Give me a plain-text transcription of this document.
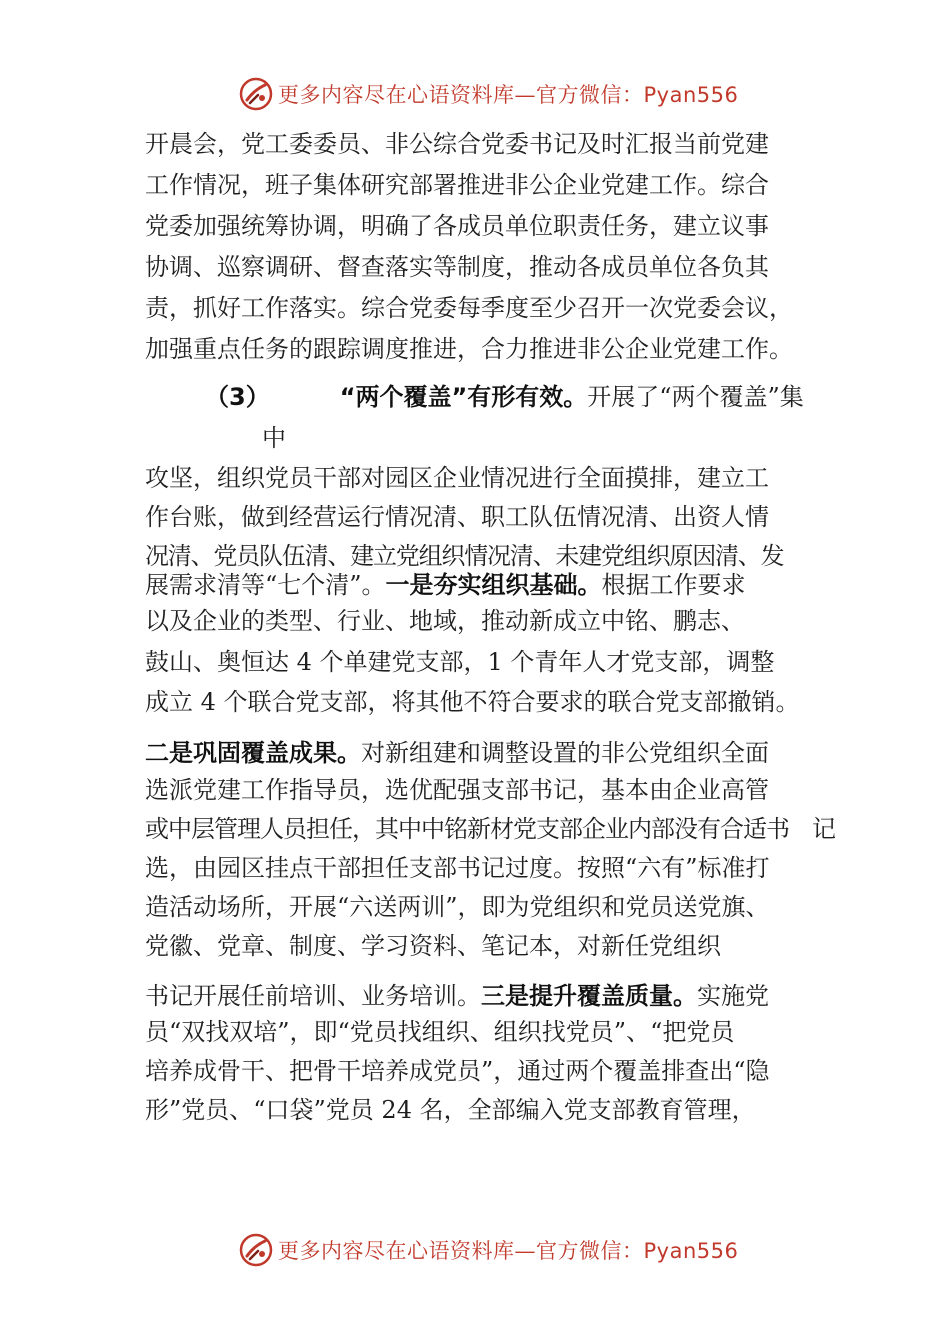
更多内容尽在心语资料库—官方微信：Pyan556
开晨会，党工委委员、非公综合党委书记及时汇报当前党建
工作情况，班子集体研究部署推进非公企业党建工作。综合
党委加强统筹协调，明确了各成员单位职责任务，建立议事
协调、巡察调研、督查落实等制度，推动各成员单位各负其
责，抓好工作落实。综合党委每季度至少召开一次党委会议，
加强重点任务的跟踪调度推进，合力推进非公企业党建工作。
（3）	“两个覆盖”有形有效。开展了“两个覆盖”集
中
攻坚，组织党员干部对园区企业情况进行全面摸排，建立工
作台账，做到经营运行情况清、职工队伍情况清、出资人情
况清、党员队伍清、建立党组织情况清、未建党组织原因清、发
展需求清等“七个清”。一是夯实组织基础。根据工作要求
以及企业的类型、行业、地域，推动新成立中铭、鹏志、
鼓山、奥恒达 4 个单建党支部，1 个青年人才党支部，调整
成立 4 个联合党支部，将其他不符合要求的联合党支部撤销。
二是巩固覆盖成果。对新组建和调整设置的非公党组织全面
选派党建工作指导员，选优配强支部书记，基本由企业高管
或中层管理人员担任，其中中铭新材党支部企业内部没有合适书　记
选，由园区挂点干部担任支部书记过度。按照“六有”标准打
造活动场所，开展“六送两训”，即为党组织和党员送党旗、
党徽、党章、制度、学习资料、笔记本，对新任党组织
书记开展任前培训、业务培训。三是提升覆盖质量。实施党
员“双找双培”，即“党员找组织、组织找党员”、“把党员
培养成骨干、把骨干培养成党员”，通过两个覆盖排查出“隐
形”党员、“口袋”党员 24 名，全部编入党支部教育管理，
更多内容尽在心语资料库—官方微信：Pyan556
